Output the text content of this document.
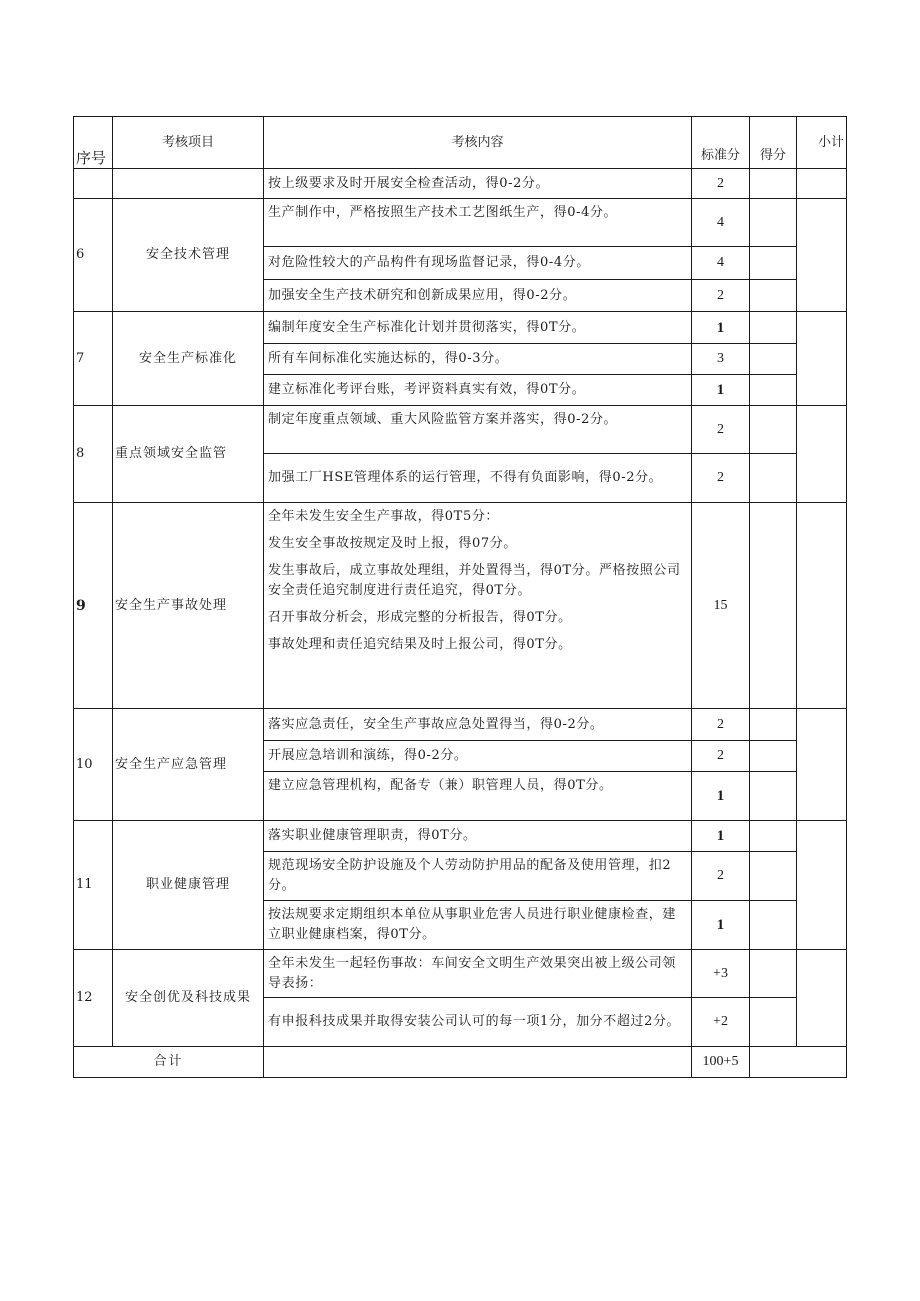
序号	考核项目	考核内容	标准分	得分	小计
		按上级要求及时开展安全检查活动，得0-2分。	2		
6	安全技术管理	生产制作中，严格按照生产技术工艺图纸生产，得0-4分。	4		
		对危险性较大的产品构件有现场监督记录，得0-4分。	4		
		加强安全生产技术研究和创新成果应用，得0-2分。	2		
7	安全生产标准化	编制年度安全生产标准化计划并贯彻落实，得0T分。	1		
		所有车间标准化实施达标的，得0-3分。	3		
		建立标准化考评台账，考评资料真实有效，得0T分。	1		
8	重点领域安全监管	制定年度重点领域、重大风险监管方案并落实，得0-2分。	2		
		加强工厂HSE管理体系的运行管理，不得有负面影响，得0-2分。	2		
9	安全生产事故处理	全年未发生安全生产事故，得0T5分：

发生安全事故按规定及时上报，得07分。

发生事故后，成立事故处理组，并处置得当，得0T分。严格按照公司安全责任追究制度进行责任追究，得0T分。

召开事故分析会，形成完整的分析报告，得0T分。

事故处理和责任追究结果及时上报公司，得0T分。	15		
10	安全生产应急管理	落实应急责任，安全生产事故应急处置得当，得0-2分。	2		
		开展应急培训和演练，得0-2分。	2		
		建立应急管理机构，配备专（兼）职管理人员，得0T分。	1		
11	职业健康管理	落实职业健康管理职责，得0T分。	1		
		规范现场安全防护设施及个人劳动防护用品的配备及使用管理，扣2分。	2		
		按法规要求定期组织本单位从事职业危害人员进行职业健康检查，建立职业健康档案，得0T分。	1		
12	安全创优及科技成果	全年未发生一起轻伤事故：车间安全文明生产效果突出被上级公司领导表扬：	+3		
		有申报科技成果并取得安装公司认可的每一项1分，加分不超过2分。	+2		
合计			100+5		
